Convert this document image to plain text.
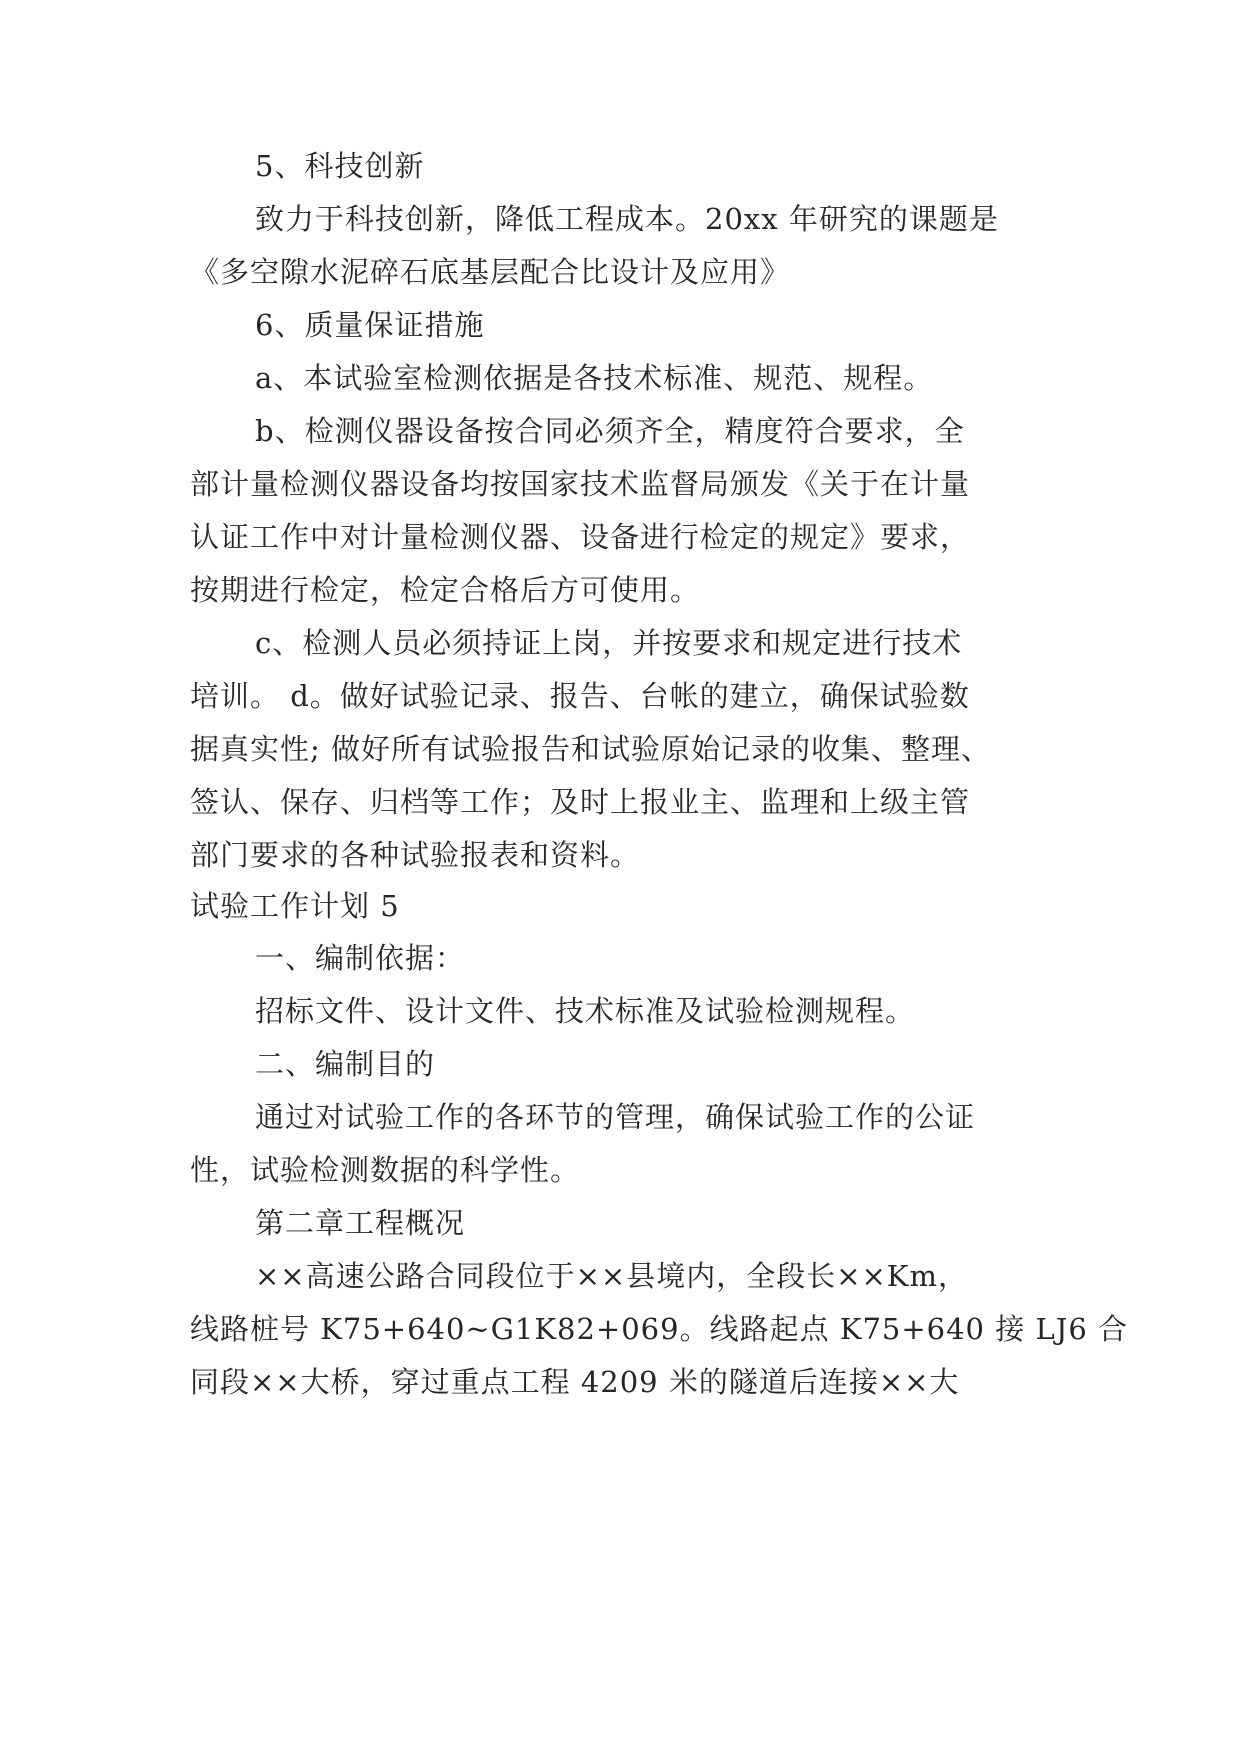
5、科技创新
致力于科技创新，降低工程成本。20xx 年研究的课题是
《多空隙水泥碎石底基层配合比设计及应用》
6、质量保证措施
a、本试验室检测依据是各技术标准、规范、规程。
b、检测仪器设备按合同必须齐全，精度符合要求，全
部计量检测仪器设备均按国家技术监督局颁发《关于在计量
认证工作中对计量检测仪器、设备进行检定的规定》要求，
按期进行检定，检定合格后方可使用。
c、检测人员必须持证上岗，并按要求和规定进行技术
培训。 d。做好试验记录、报告、台帐的建立，确保试验数
据真实性; 做好所有试验报告和试验原始记录的收集、整理、
签认、保存、归档等工作；及时上报业主、监理和上级主管
部门要求的各种试验报表和资料。
试验工作计划 5
一、编制依据：
招标文件、设计文件、技术标准及试验检测规程。
二、编制目的
通过对试验工作的各环节的管理，确保试验工作的公证
性，试验检测数据的科学性。
第二章工程概况
××高速公路合同段位于××县境内，全段长××Km，
线路桩号 K75+640~G1K82+069。线路起点 K75+640 接 LJ6 合
同段××大桥，穿过重点工程 4209 米的隧道后连接××大
